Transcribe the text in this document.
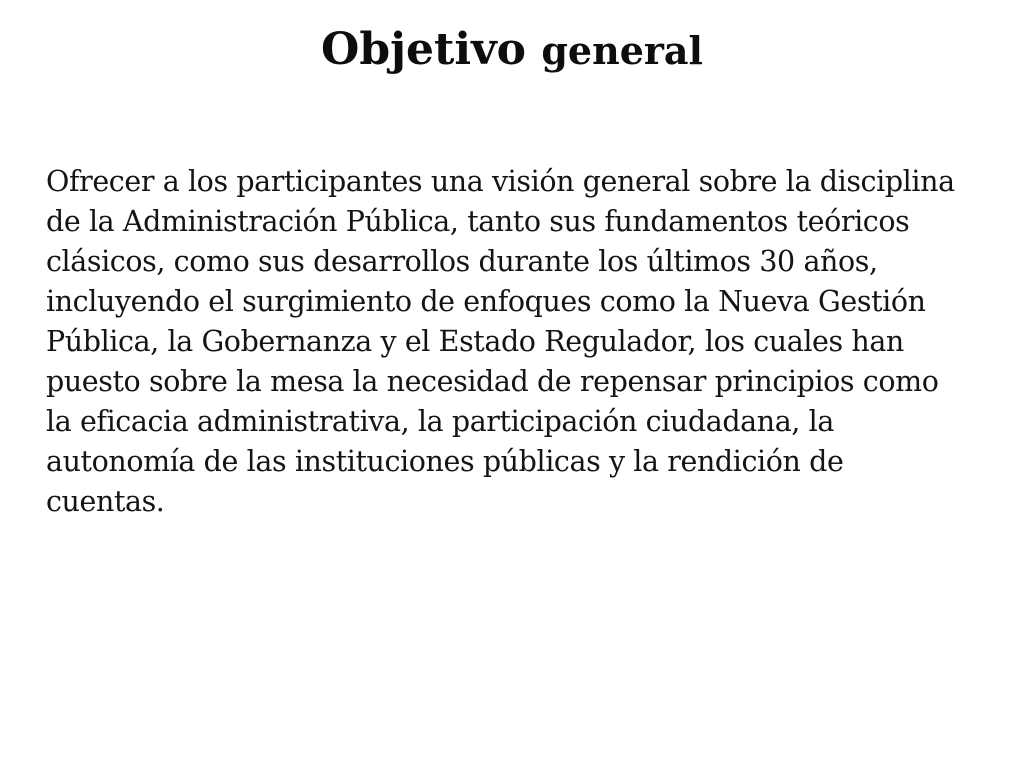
Objetivo general

Ofrecer a los participantes una visión general sobre la disciplina
de la Administración Pública, tanto sus fundamentos teóricos
clásicos, como sus desarrollos durante los últimos 30 años,
incluyendo el surgimiento de enfoques como la Nueva Gestión
Pública, la Gobernanza y el Estado Regulador, los cuales han
puesto sobre la mesa la necesidad de repensar principios como
la eficacia administrativa, la participación ciudadana, la
autonomía de las instituciones públicas y la rendición de
cuentas.
